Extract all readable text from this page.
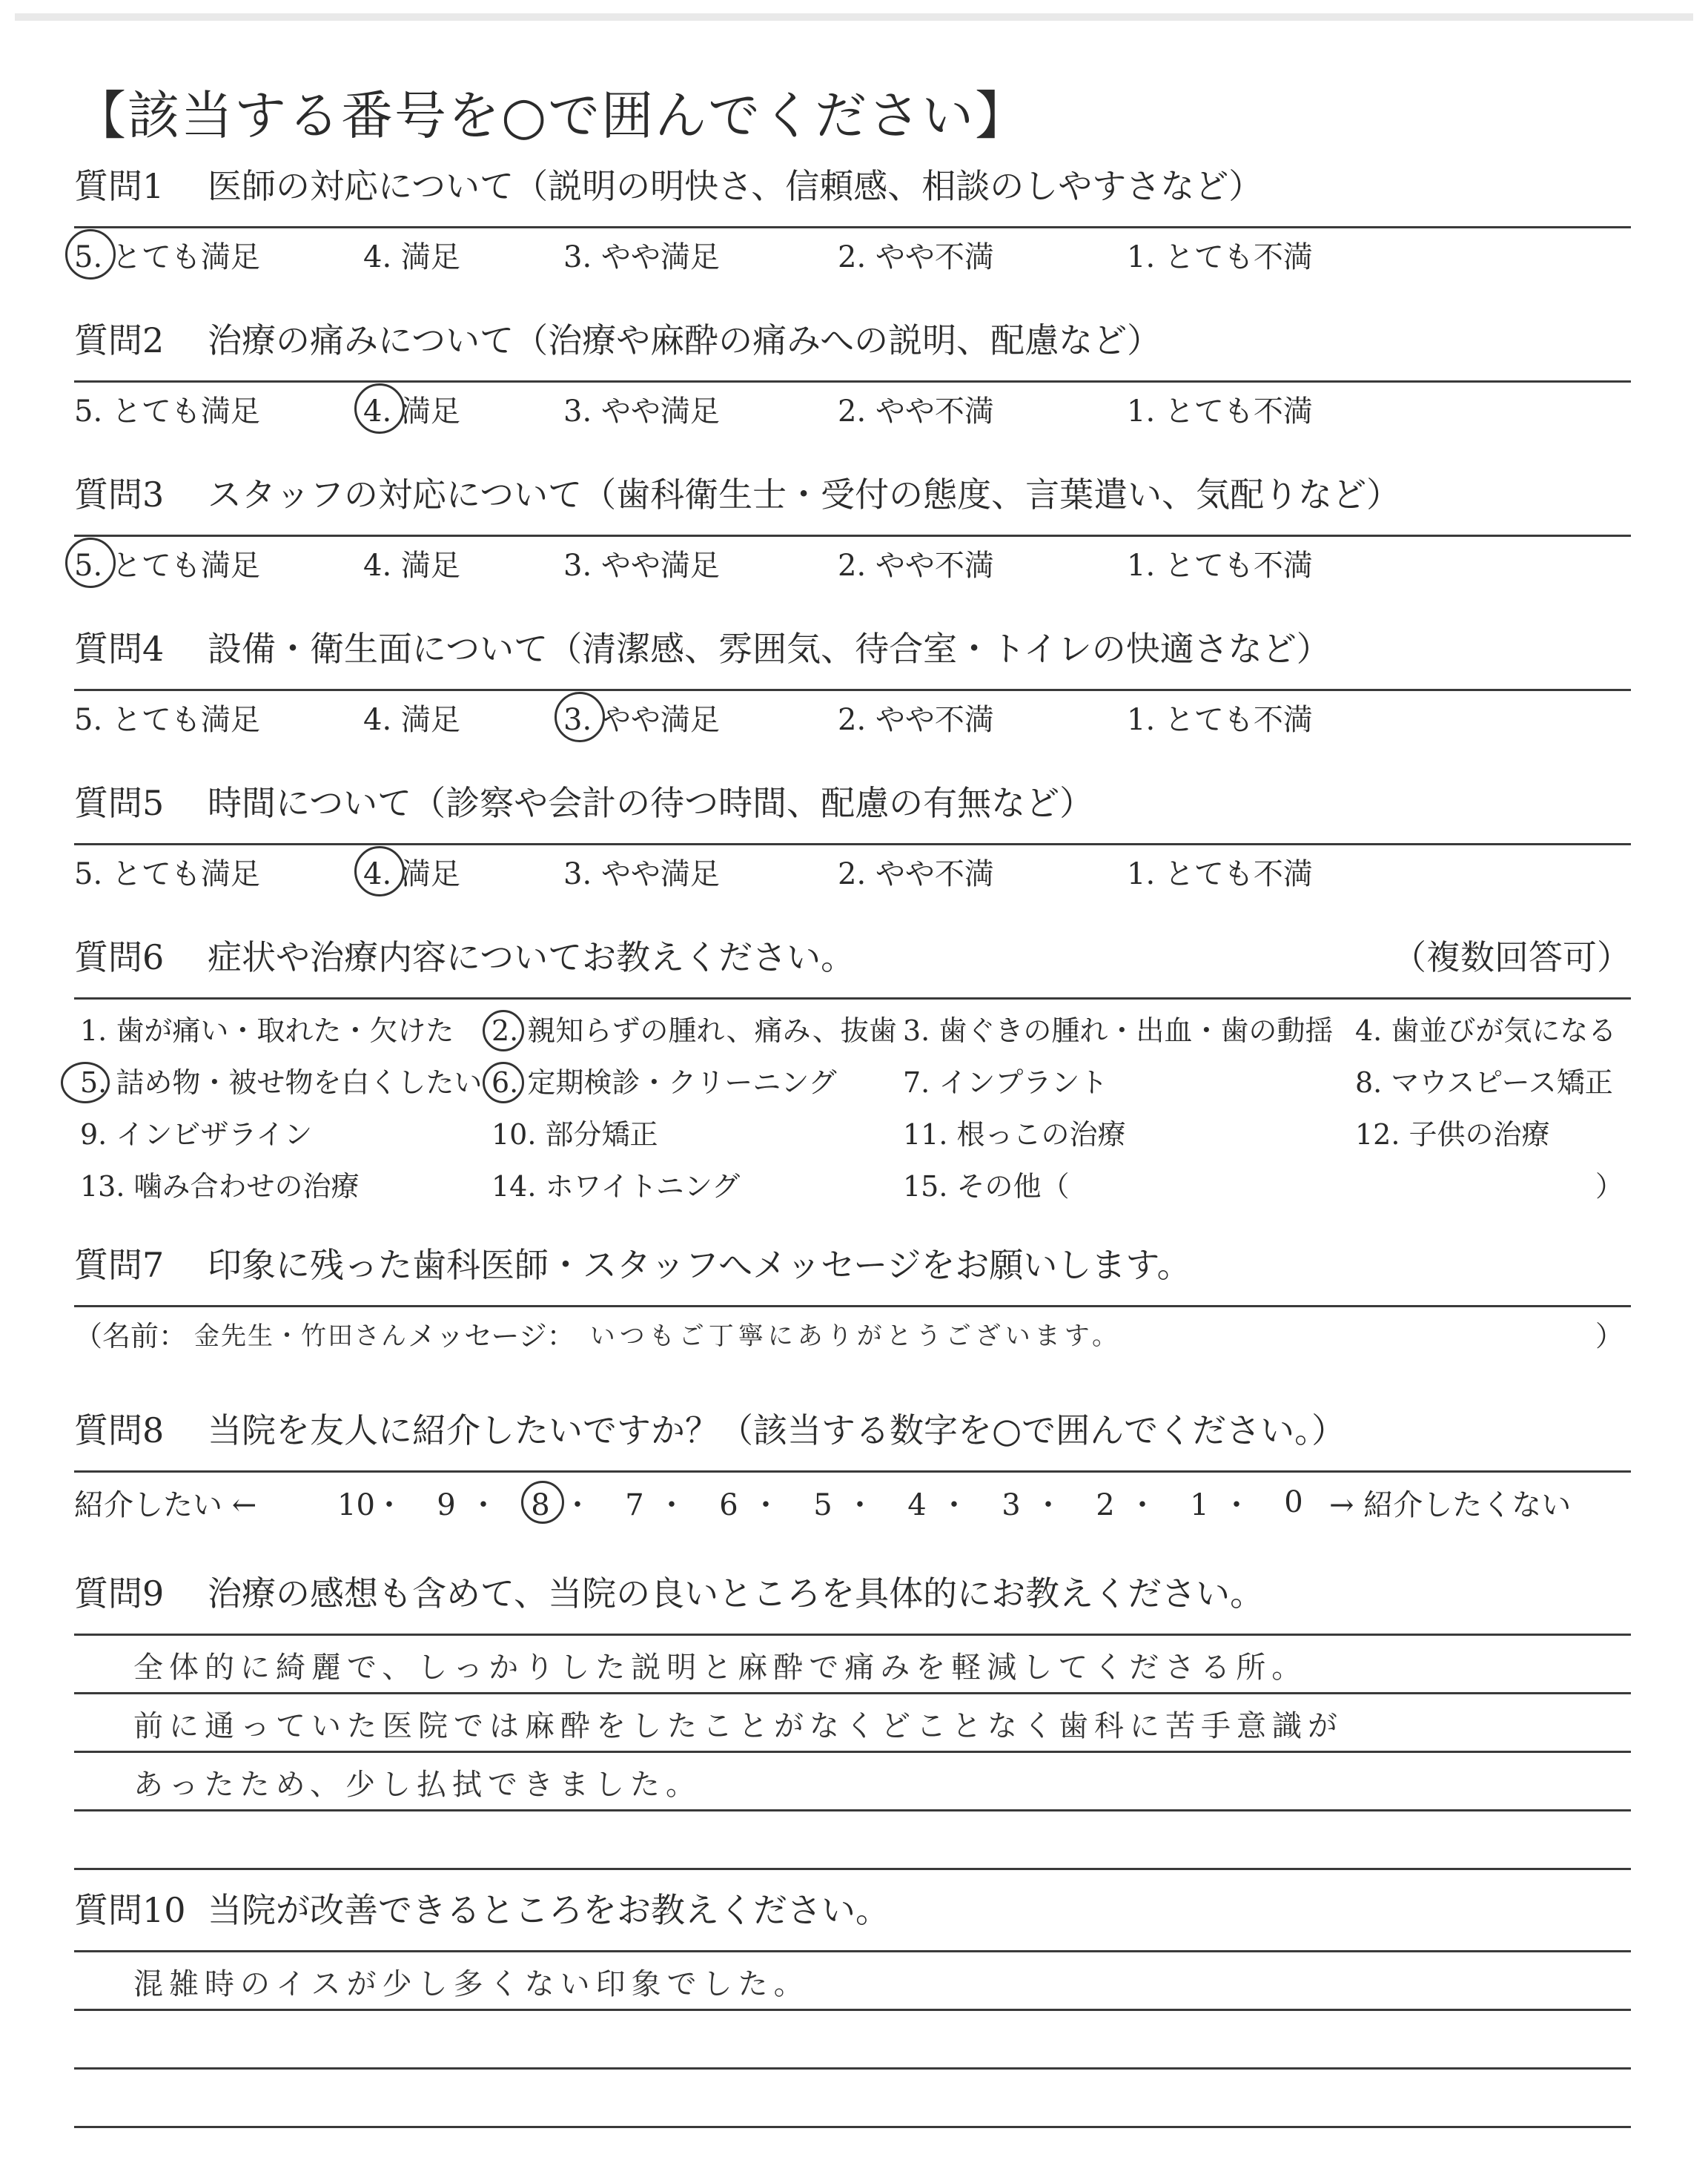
【該当する番号を○で囲んでください】
質問1	医師の対応について（説明の明快さ、信頼感、相談のしやすさなど）
5. とても満足	4. 満足	3. やや満足	2. やや不満	1. とても不満
質問2	治療の痛みについて（治療や麻酔の痛みへの説明、配慮など）
5. とても満足	4. 満足	3. やや満足	2. やや不満	1. とても不満
質問3	スタッフの対応について（歯科衛生士・受付の態度、言葉遣い、気配りなど）
5. とても満足	4. 満足	3. やや満足	2. やや不満	1. とても不満
質問4	設備・衛生面について（清潔感、雰囲気、待合室・トイレの快適さなど）
5. とても満足	4. 満足	3. やや満足	2. やや不満	1. とても不満
質問5	時間について（診察や会計の待つ時間、配慮の有無など）
5. とても満足	4. 満足	3. やや満足	2. やや不満	1. とても不満
質問6	症状や治療内容についてお教えください。	（複数回答可）
1. 歯が痛い・取れた・欠けた	2. 親知らずの腫れ、痛み、抜歯 3. 歯ぐきの腫れ・出血・歯の動揺 4. 歯並びが気になる
5. 詰め物・被せ物を白くしたい 6. 定期検診・クリーニング	7. インプラント	8. マウスピース矯正
9. インビザライン	10. 部分矯正	11. 根っこの治療	12. 子供の治療
13. 噛み合わせの治療	14. ホワイトニング	15. その他（	）
質問7	印象に残った歯科医師・スタッフへメッセージをお願いします。
（名前： 金先生・竹田さん メッセージ： いつもご丁寧にありがとうございます。	）
質問8	当院を友人に紹介したいですか？（該当する数字を○で囲んでください。）
紹介したい ←	10・	9 ・	8 ・	7 ・	6 ・	5 ・	4 ・	3 ・	2 ・	1 ・	0 → 紹介したくない
質問9	治療の感想も含めて、当院の良いところを具体的にお教えください。
全体的に綺麗で、しっかりした説明と麻酔で痛みを軽減してくださる所。
前に通っていた医院では麻酔をしたことがなくどことなく歯科に苦手意識が
あったため、少し払拭できました。
質問10 当院が改善できるところをお教えください。
混雑時のイスが少し多くない印象でした。
